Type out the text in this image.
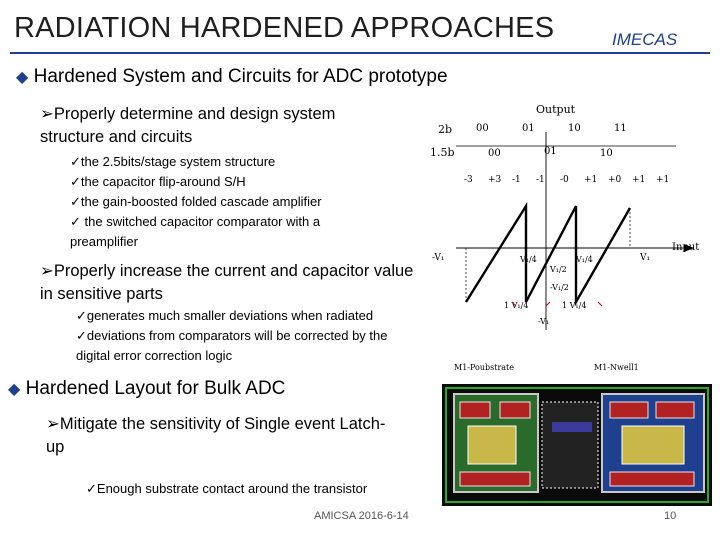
RADIATION HARDENED APPROACHES	IMECAS
◆ Hardened System and Circuits for ADC prototype
➢Properly determine and design system structure and circuits
✓the 2.5bits/stage system structure
✓the capacitor flip-around S/H
✓the gain-boosted folded cascade amplifier
✓ the switched capacitor comparator with a preamplifier
➢Properly increase the current and capacitor value in sensitive parts
✓generates much smaller deviations when radiated
✓deviations from comparators will be corrected by the digital error correction logic
◆ Hardened Layout for Bulk ADC
➢Mitigate the sensitivity of Single event Latch-up
✓Enough substrate contact around the transistor
Output
2b 00	01	10	11
1.5b	00	01	10
-3 +3 -1 -1 -0 +1 +0 +1 +1
Input
-V₁	V₁
V₁/4
V₁/2
V₁/4
-V₁/2
1 V₁/4	1 V₁/4
-V₁
M1-Poubstrate	M1-Nwell1
AMICSA 2016-6-14	10
